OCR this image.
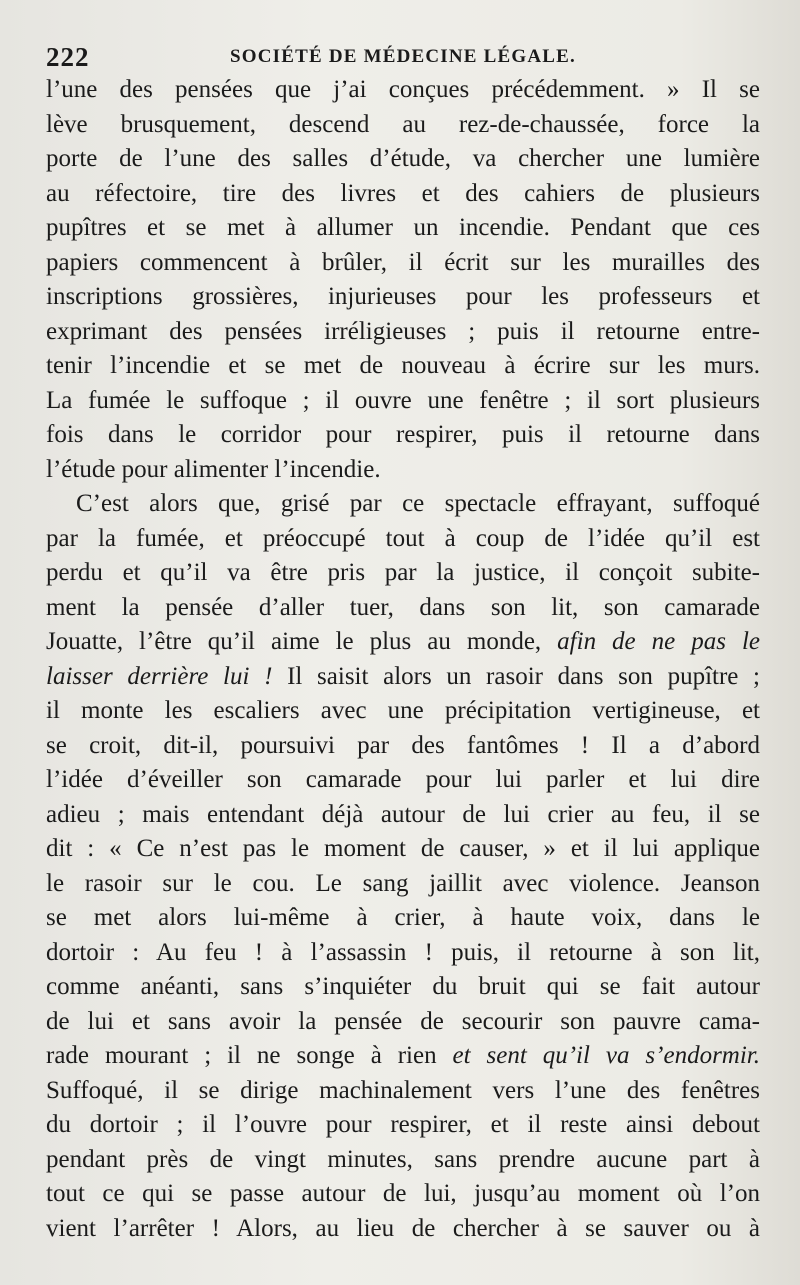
222	SOCIÉTÉ DE MÉDECINE LÉGALE.
l’une des pensées que j’ai conçues précédemment. » Il se
lève brusquement, descend au rez-de-chaussée, force la
porte de l’une des salles d’étude, va chercher une lumière
au réfectoire, tire des livres et des cahiers de plusieurs
pupîtres et se met à allumer un incendie. Pendant que ces
papiers commencent à brûler, il écrit sur les murailles des
inscriptions grossières, injurieuses pour les professeurs et
exprimant des pensées irréligieuses ; puis il retourne entre-
tenir l’incendie et se met de nouveau à écrire sur les murs.
La fumée le suffoque ; il ouvre une fenêtre ; il sort plusieurs
fois dans le corridor pour respirer, puis il retourne dans
l’étude pour alimenter l’incendie.
C’est alors que, grisé par ce spectacle effrayant, suffoqué
par la fumée, et préoccupé tout à coup de l’idée qu’il est
perdu et qu’il va être pris par la justice, il conçoit subite-
ment la pensée d’aller tuer, dans son lit, son camarade
Jouatte, l’être qu’il aime le plus au monde, afin de ne pas le
laisser derrière lui ! Il saisit alors un rasoir dans son pupître ;
il monte les escaliers avec une précipitation vertigineuse, et
se croit, dit-il, poursuivi par des fantômes ! Il a d’abord
l’idée d’éveiller son camarade pour lui parler et lui dire
adieu ; mais entendant déjà autour de lui crier au feu, il se
dit : « Ce n’est pas le moment de causer, » et il lui applique
le rasoir sur le cou. Le sang jaillit avec violence. Jeanson
se met alors lui-même à crier, à haute voix, dans le
dortoir : Au feu ! à l’assassin ! puis, il retourne à son lit,
comme anéanti, sans s’inquiéter du bruit qui se fait autour
de lui et sans avoir la pensée de secourir son pauvre cama-
rade mourant ; il ne songe à rien et sent qu’il va s’endormir.
Suffoqué, il se dirige machinalement vers l’une des fenêtres
du dortoir ; il l’ouvre pour respirer, et il reste ainsi debout
pendant près de vingt minutes, sans prendre aucune part à
tout ce qui se passe autour de lui, jusqu’au moment où l’on
vient l’arrêter ! Alors, au lieu de chercher à se sauver ou à
